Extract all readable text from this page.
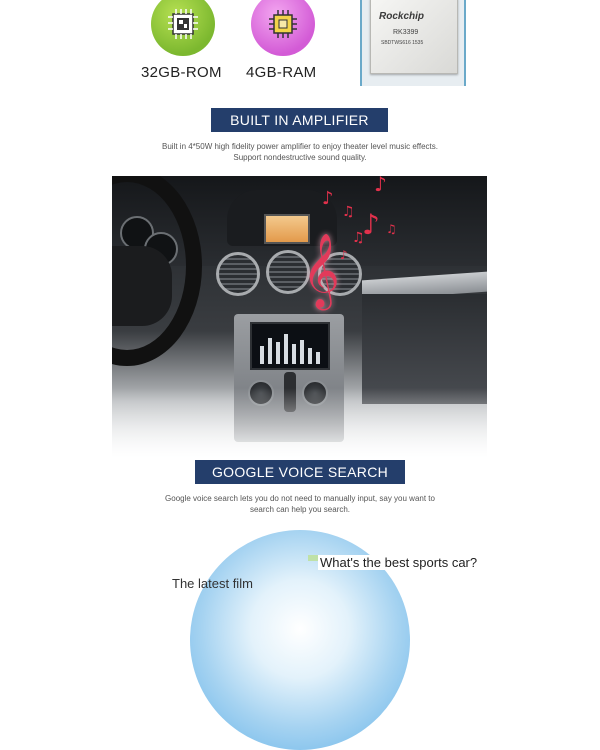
32GB-ROM 4GB-RAM
Rockchip
RK3399
SBDTWS616 1535
BUILT IN AMPLIFIER
Built in 4*50W high fidelity power amplifier to enjoy theater level music effects.
Support nondestructive sound quality.
𝄞
♪
♫
♪
♪
♫
♪
♫
GOOGLE VOICE SEARCH
Google voice search lets you do not need to manually input, say you want to
search can help you search.
What's the best sports car?
The latest film
